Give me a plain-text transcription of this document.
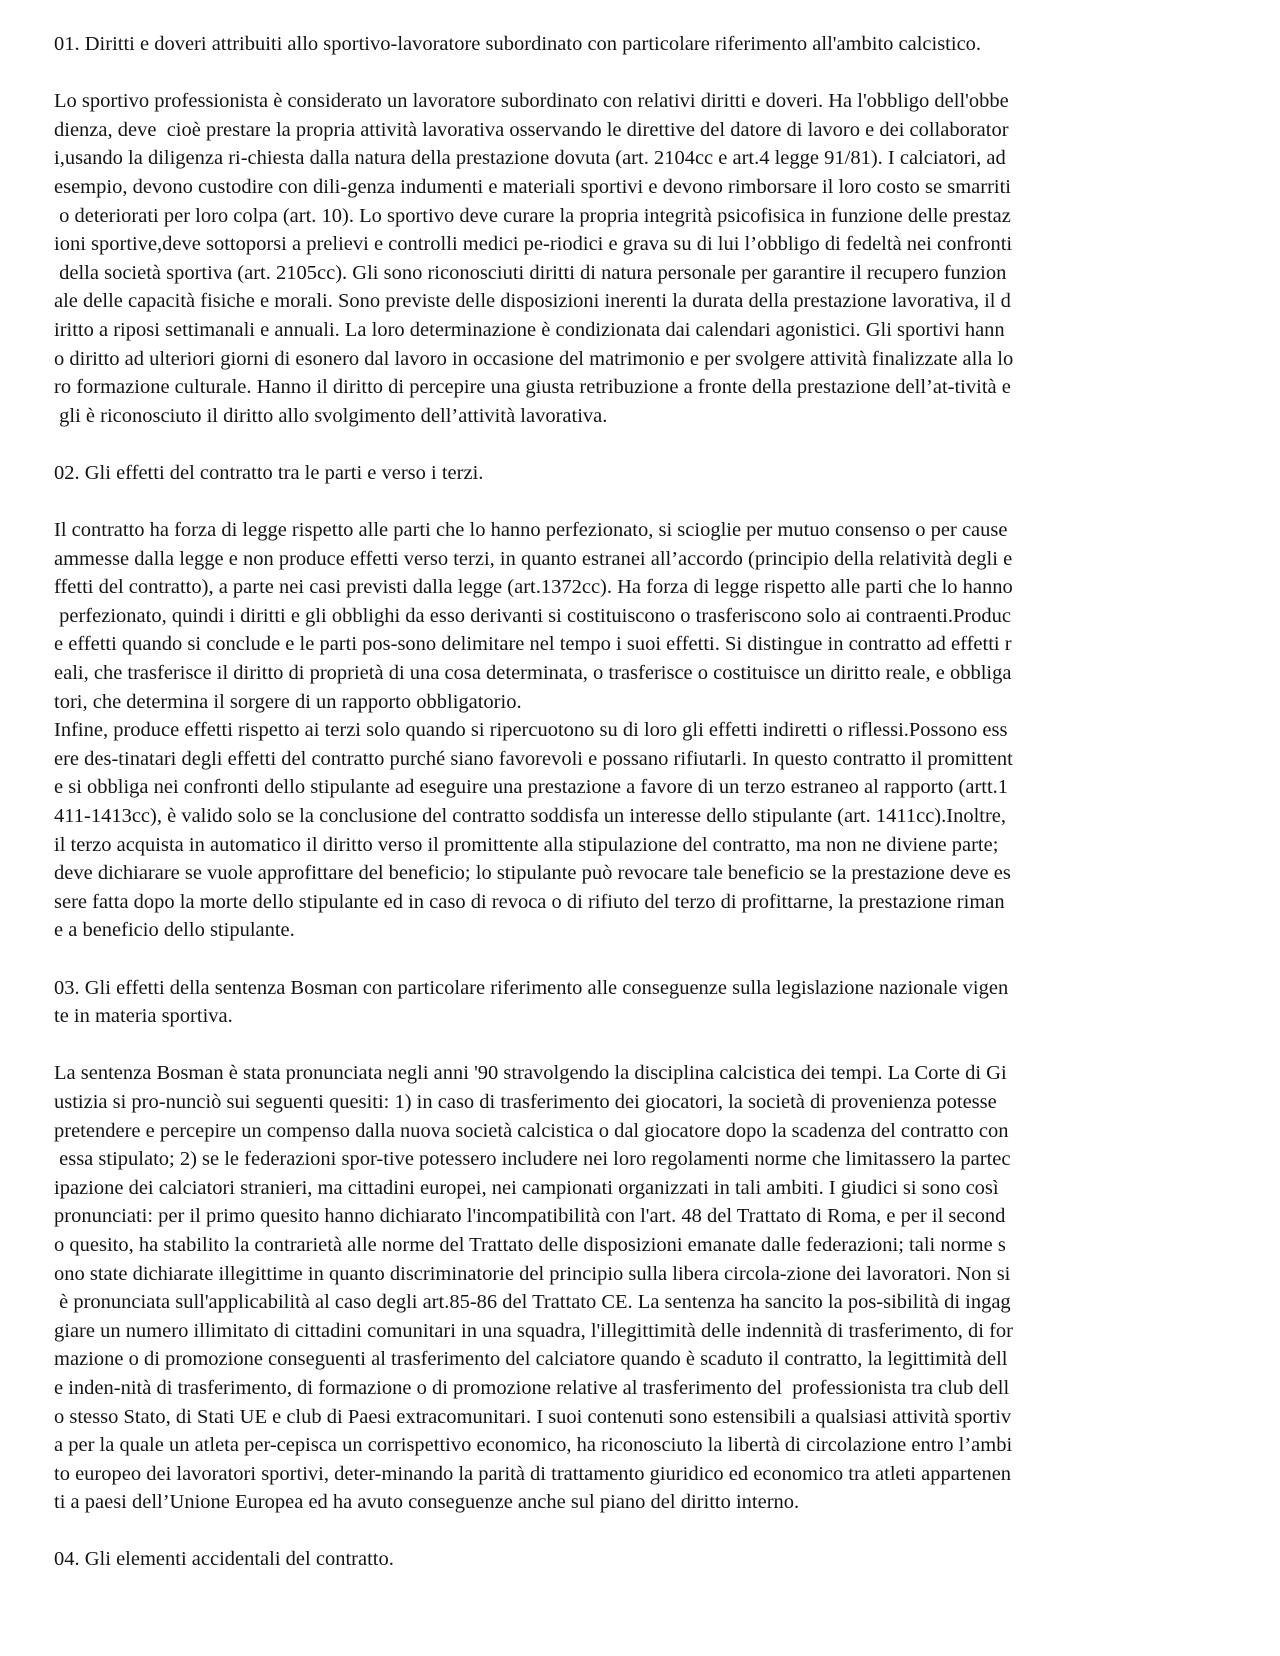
01. Diritti e doveri attribuiti allo sportivo-lavoratore subordinato con particolare riferimento all'ambito calcistico.
Lo sportivo professionista è considerato un lavoratore subordinato con relativi diritti e doveri. Ha l'obbligo dell'obbe
dienza, deve  cioè prestare la propria attività lavorativa osservando le direttive del datore di lavoro e dei collaborator
i,usando la diligenza ri-chiesta dalla natura della prestazione dovuta (art. 2104cc e art.4 legge 91/81). I calciatori, ad
esempio, devono custodire con dili-genza indumenti e materiali sportivi e devono rimborsare il loro costo se smarriti
o deteriorati per loro colpa (art. 10). Lo sportivo deve curare la propria integrità psicofisica in funzione delle prestaz
ioni sportive,deve sottoporsi a prelievi e controlli medici pe-riodici e grava su di lui l’obbligo di fedeltà nei confronti
della società sportiva (art. 2105cc). Gli sono riconosciuti diritti di natura personale per garantire il recupero funzion
ale delle capacità fisiche e morali. Sono previste delle disposizioni inerenti la durata della prestazione lavorativa, il d
iritto a riposi settimanali e annuali. La loro determinazione è condizionata dai calendari agonistici. Gli sportivi hann
o diritto ad ulteriori giorni di esonero dal lavoro in occasione del matrimonio e per svolgere attività finalizzate alla lo
ro formazione culturale. Hanno il diritto di percepire una giusta retribuzione a fronte della prestazione dell’at-tività e
gli è riconosciuto il diritto allo svolgimento dell’attività lavorativa.
02. Gli effetti del contratto tra le parti e verso i terzi.
Il contratto ha forza di legge rispetto alle parti che lo hanno perfezionato, si scioglie per mutuo consenso o per cause
ammesse dalla legge e non produce effetti verso terzi, in quanto estranei all’accordo (principio della relatività degli e
ffetti del contratto), a parte nei casi previsti dalla legge (art.1372cc). Ha forza di legge rispetto alle parti che lo hanno
perfezionato, quindi i diritti e gli obblighi da esso derivanti si costituiscono o trasferiscono solo ai contraenti.Produc
e effetti quando si conclude e le parti pos-sono delimitare nel tempo i suoi effetti. Si distingue in contratto ad effetti r
eali, che trasferisce il diritto di proprietà di una cosa determinata, o trasferisce o costituisce un diritto reale, e obbliga
tori, che determina il sorgere di un rapporto obbligatorio.
Infine, produce effetti rispetto ai terzi solo quando si ripercuotono su di loro gli effetti indiretti o riflessi.Possono ess
ere des-tinatari degli effetti del contratto purché siano favorevoli e possano rifiutarli. In questo contratto il promittent
e si obbliga nei confronti dello stipulante ad eseguire una prestazione a favore di un terzo estraneo al rapporto (artt.1
411-1413cc), è valido solo se la conclusione del contratto soddisfa un interesse dello stipulante (art. 1411cc).Inoltre,
il terzo acquista in automatico il diritto verso il promittente alla stipulazione del contratto, ma non ne diviene parte;
deve dichiarare se vuole approfittare del beneficio; lo stipulante può revocare tale beneficio se la prestazione deve es
sere fatta dopo la morte dello stipulante ed in caso di revoca o di rifiuto del terzo di profittarne, la prestazione riman
e a beneficio dello stipulante.
03. Gli effetti della sentenza Bosman con particolare riferimento alle conseguenze sulla legislazione nazionale vigen
te in materia sportiva.
La sentenza Bosman è stata pronunciata negli anni '90 stravolgendo la disciplina calcistica dei tempi. La Corte di Gi
ustizia si pro-nunciò sui seguenti quesiti: 1) in caso di trasferimento dei giocatori, la società di provenienza potesse
pretendere e percepire un compenso dalla nuova società calcistica o dal giocatore dopo la scadenza del contratto con
essa stipulato; 2) se le federazioni spor-tive potessero includere nei loro regolamenti norme che limitassero la partec
ipazione dei calciatori stranieri, ma cittadini europei, nei campionati organizzati in tali ambiti. I giudici si sono così
pronunciati: per il primo quesito hanno dichiarato l'incompatibilità con l'art. 48 del Trattato di Roma, e per il second
o quesito, ha stabilito la contrarietà alle norme del Trattato delle disposizioni emanate dalle federazioni; tali norme s
ono state dichiarate illegittime in quanto discriminatorie del principio sulla libera circola-zione dei lavoratori. Non si
è pronunciata sull'applicabilità al caso degli art.85-86 del Trattato CE. La sentenza ha sancito la pos-sibilità di ingag
giare un numero illimitato di cittadini comunitari in una squadra, l'illegittimità delle indennità di trasferimento, di for
mazione o di promozione conseguenti al trasferimento del calciatore quando è scaduto il contratto, la legittimità dell
e inden-nità di trasferimento, di formazione o di promozione relative al trasferimento del  professionista tra club dell
o stesso Stato, di Stati UE e club di Paesi extracomunitari. I suoi contenuti sono estensibili a qualsiasi attività sportiv
a per la quale un atleta per-cepisca un corrispettivo economico, ha riconosciuto la libertà di circolazione entro l’ambi
to europeo dei lavoratori sportivi, deter-minando la parità di trattamento giuridico ed economico tra atleti appartenen
ti a paesi dell’Unione Europea ed ha avuto conseguenze anche sul piano del diritto interno.
04. Gli elementi accidentali del contratto.
